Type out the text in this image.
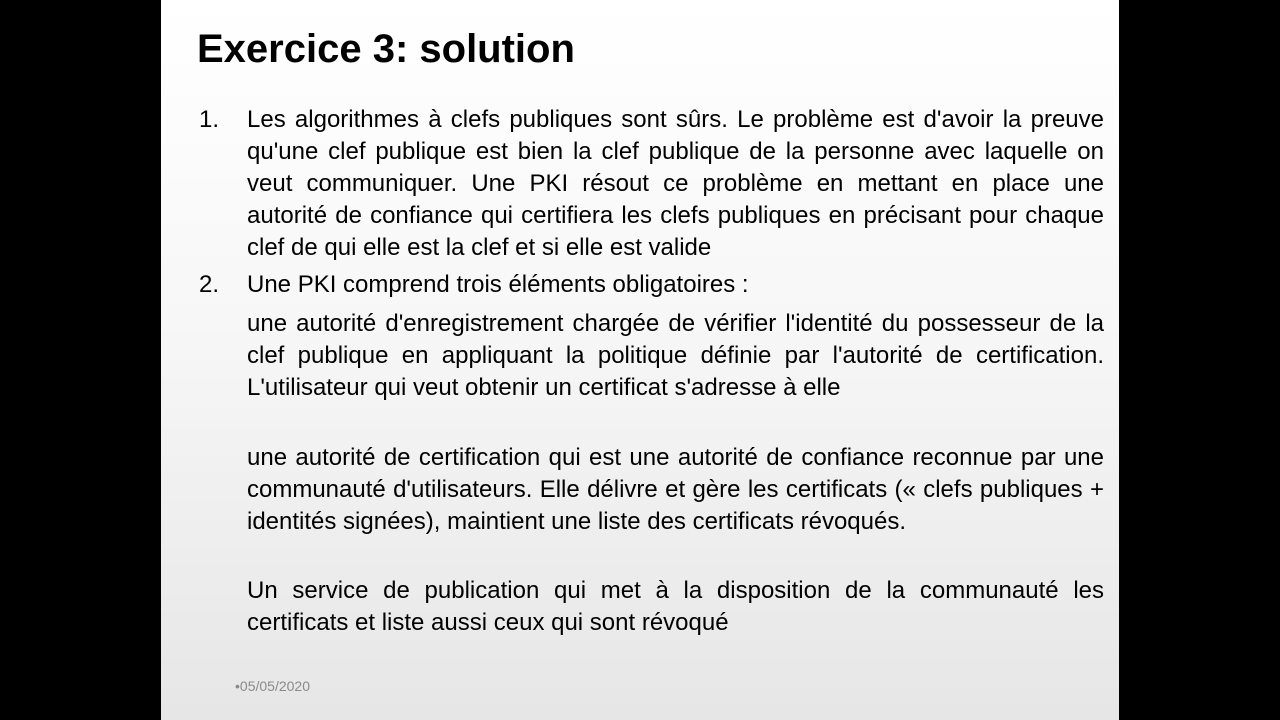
Exercice 3: solution
1.	Les algorithmes à clefs publiques sont sûrs. Le problème est d'avoir la preuve qu'une clef publique est bien la clef publique de la personne avec laquelle on veut communiquer. Une PKI résout ce problème en mettant en place une autorité de confiance qui certifiera les clefs publiques en précisant pour chaque clef de qui elle est la clef et si elle est valide
2.	Une PKI comprend trois éléments obligatoires :
une autorité d'enregistrement chargée de vérifier l'identité du possesseur de la clef publique en appliquant la politique définie par l'autorité de certification. L'utilisateur qui veut obtenir un certificat s'adresse à elle
une autorité de certification qui est une autorité de confiance reconnue par une communauté d'utilisateurs. Elle délivre et gère les certificats (« clefs publiques + identités signées), maintient une liste des certificats révoqués.
Un service de publication qui met à la disposition de la communauté les certificats et liste aussi ceux qui sont révoqué
•05/05/2020
